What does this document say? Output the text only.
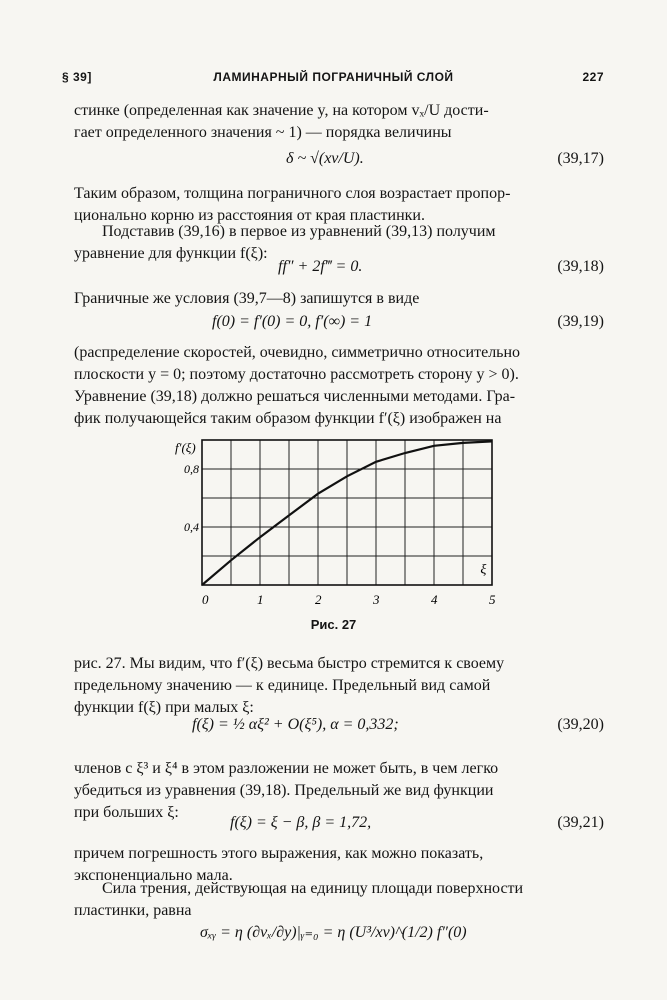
§ 39]	ЛАМИНАРНЫЙ ПОГРАНИЧНЫЙ СЛОЙ	227
стинке (определенная как значение y, на котором vₓ/U дости-
гает определенного значения ~ 1) — порядка величины
δ ~ √(xν/U).	(39,17)
Таким образом, толщина пограничного слоя возрастает пропор-
ционально корню из расстояния от края пластинки.
Подставив (39,16) в первое из уравнений (39,13) получим
уравнение для функции f(ξ):
ff″ + 2f‴ = 0.	(39,18)
Граничные же условия (39,7—8) запишутся в виде
f(0) = f′(0) = 0, f′(∞) = 1	(39,19)
(распределение скоростей, очевидно, симметрично относительно
плоскости y = 0; поэтому достаточно рассмотреть сторону y > 0).
Уравнение (39,18) должно решаться численными методами. Гра-
фик получающейся таким образом функции f′(ξ) изображен на
0	1	2	3	4	5
0,4
0,8
f′(ξ)
ξ
Рис. 27
рис. 27. Мы видим, что f′(ξ) весьма быстро стремится к своему
предельному значению — к единице. Предельный вид самой
функции f(ξ) при малых ξ:
f(ξ) = ½ αξ² + O(ξ⁵), α = 0,332;	(39,20)
членов с ξ³ и ξ⁴ в этом разложении не может быть, в чем легко
убедиться из уравнения (39,18). Предельный же вид функции
при больших ξ:
f(ξ) = ξ − β, β = 1,72,	(39,21)
причем погрешность этого выражения, как можно показать,
экспоненциально мала.
Сила трения, действующая на единицу площади поверхности
пластинки, равна
σₓᵧ = η (∂vₓ/∂y)|ᵧ₌₀ = η (U³/xν)^(1/2) f″(0)
